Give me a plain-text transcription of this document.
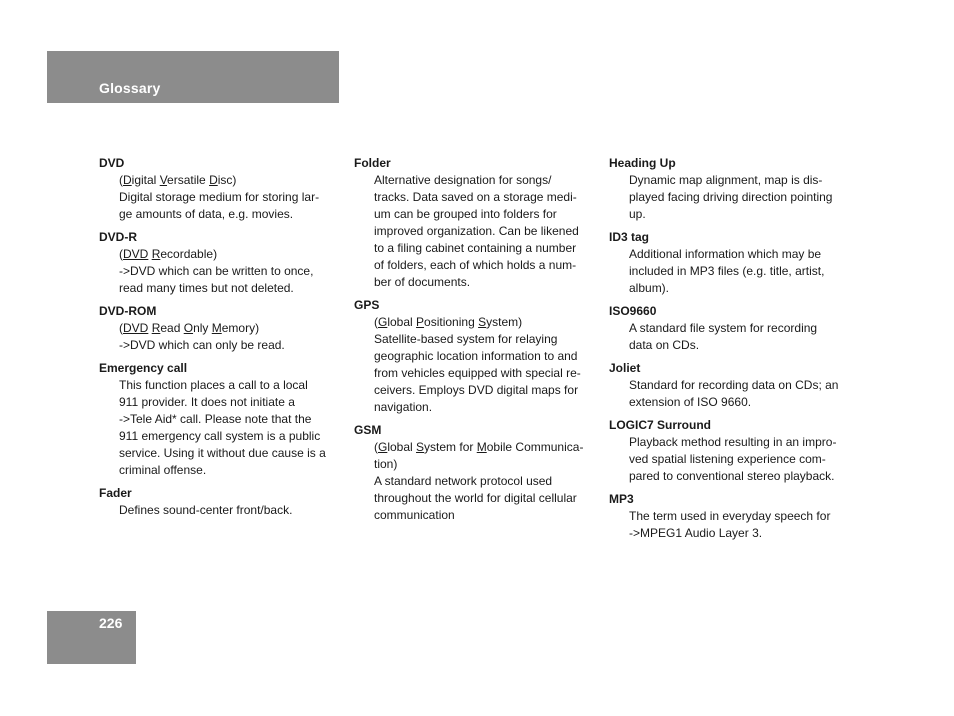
Glossary
DVD
(Digital Versatile Disc)
Digital storage medium for storing lar-
ge amounts of data, e.g. movies.
DVD-R
(DVD Recordable)
->DVD which can be written to once,
read many times but not deleted.
DVD-ROM
(DVD Read Only Memory)
->DVD which can only be read.
Emergency call
This function places a call to a local
911 provider. It does not initiate a
->Tele Aid* call. Please note that the
911 emergency call system is a public
service. Using it without due cause is a
criminal offense.
Fader
Defines sound-center front/back.
Folder
Alternative designation for songs/
tracks. Data saved on a storage medi-
um can be grouped into folders for
improved organization. Can be likened
to a filing cabinet containing a number
of folders, each of which holds a num-
ber of documents.
GPS
(Global Positioning System)
Satellite-based system for relaying
geographic location information to and
from vehicles equipped with special re-
ceivers. Employs DVD digital maps for
navigation.
GSM
(Global System for Mobile Communica-
tion)
A standard network protocol used
throughout the world for digital cellular
communication
Heading Up
Dynamic map alignment, map is dis-
played facing driving direction pointing
up.
ID3 tag
Additional information which may be
included in MP3 files (e.g. title, artist,
album).
ISO9660
A standard file system for recording
data on CDs.
Joliet
Standard for recording data on CDs; an
extension of ISO 9660.
LOGIC7 Surround
Playback method resulting in an impro-
ved spatial listening experience com-
pared to conventional stereo playback.
MP3
The term used in everyday speech for
->MPEG1 Audio Layer 3.
226
